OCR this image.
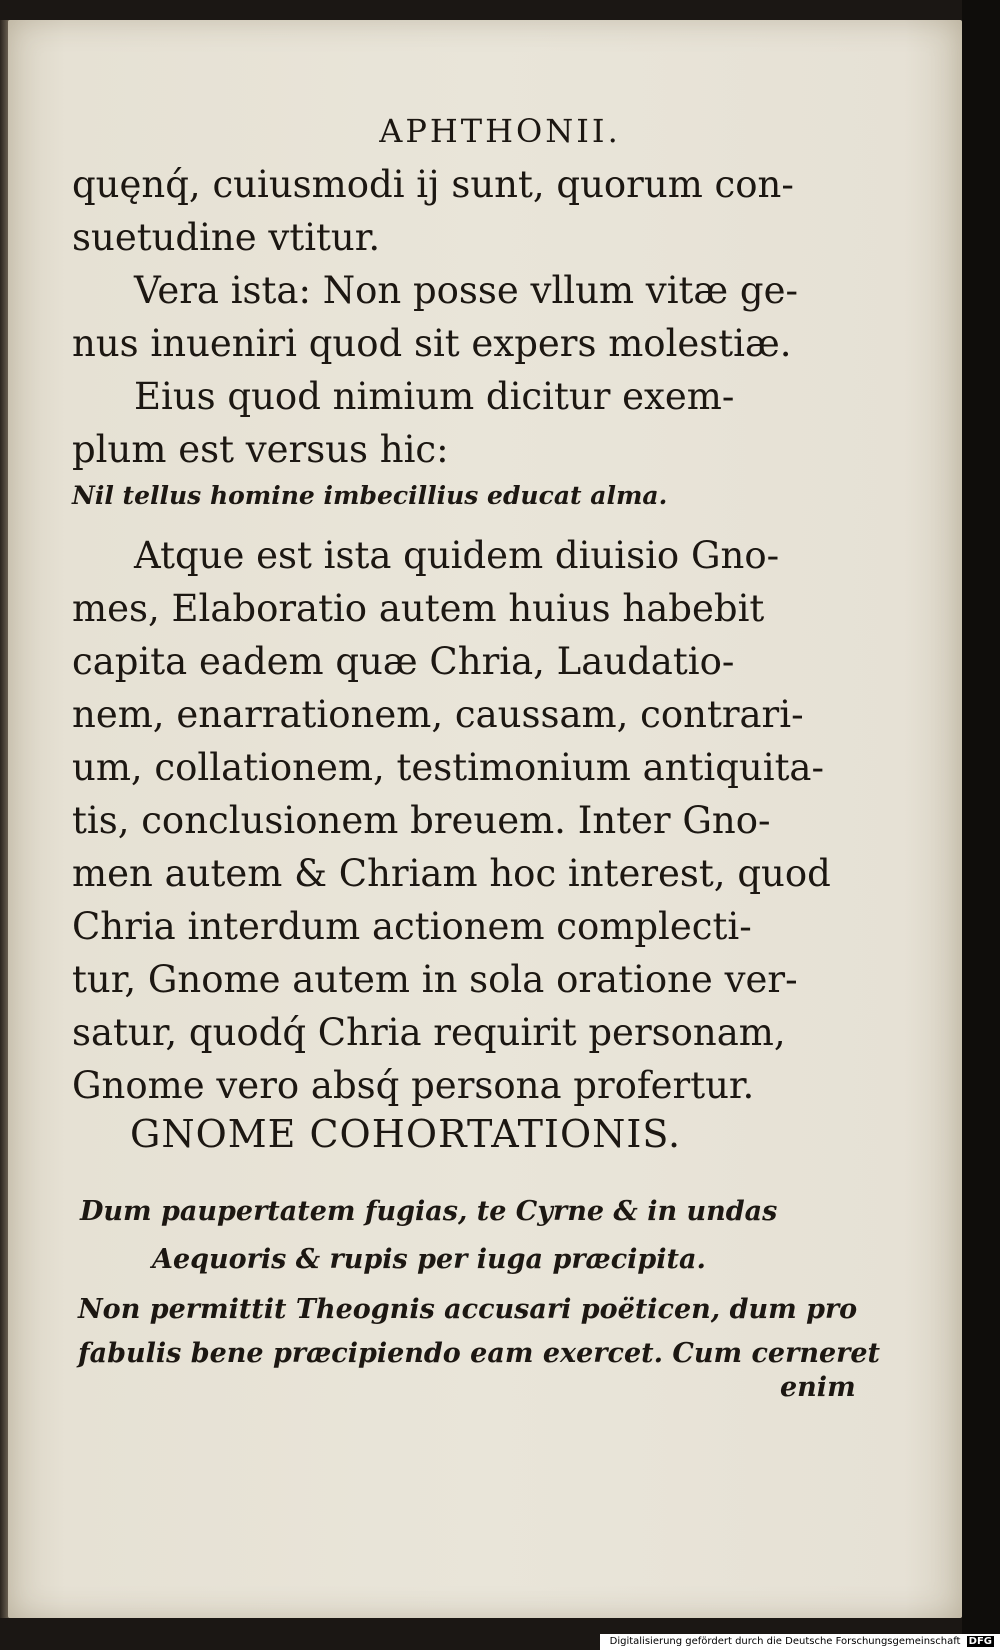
APHTHONII.
quęnq́, cuiusmodi ij sunt, quorum con-
suetudine vtitur.
Vera ista: Non posse vllum vitæ ge-
nus inueniri quod sit expers molestiæ.
Eius quod nimium dicitur exem-
plum est versus hic:
Nil tellus homine imbecillius educat alma.
Atque est ista quidem diuisio Gno-
mes, Elaboratio autem huius habebit
capita eadem quæ Chria, Laudatio-
nem, enarrationem, caussam, contrari-
um, collationem, testimonium antiquita-
tis, conclusionem breuem. Inter Gno-
men autem & Chriam hoc interest, quod
Chria interdum actionem complecti-
tur, Gnome autem in sola oratione ver-
satur, quodq́ Chria requirit personam,
Gnome vero absq́ persona profertur.
GNOME COHORTATIONIS.
Dum paupertatem fugias, te Cyrne & in undas
Aequoris & rupis per iuga præcipita.
Non permittit Theognis accusari poëticen, dum pro
fabulis bene præcipiendo eam exercet. Cum cerneret
enim
Digitalisierung gefördert durch die Deutsche Forschungsgemeinschaft DFG
